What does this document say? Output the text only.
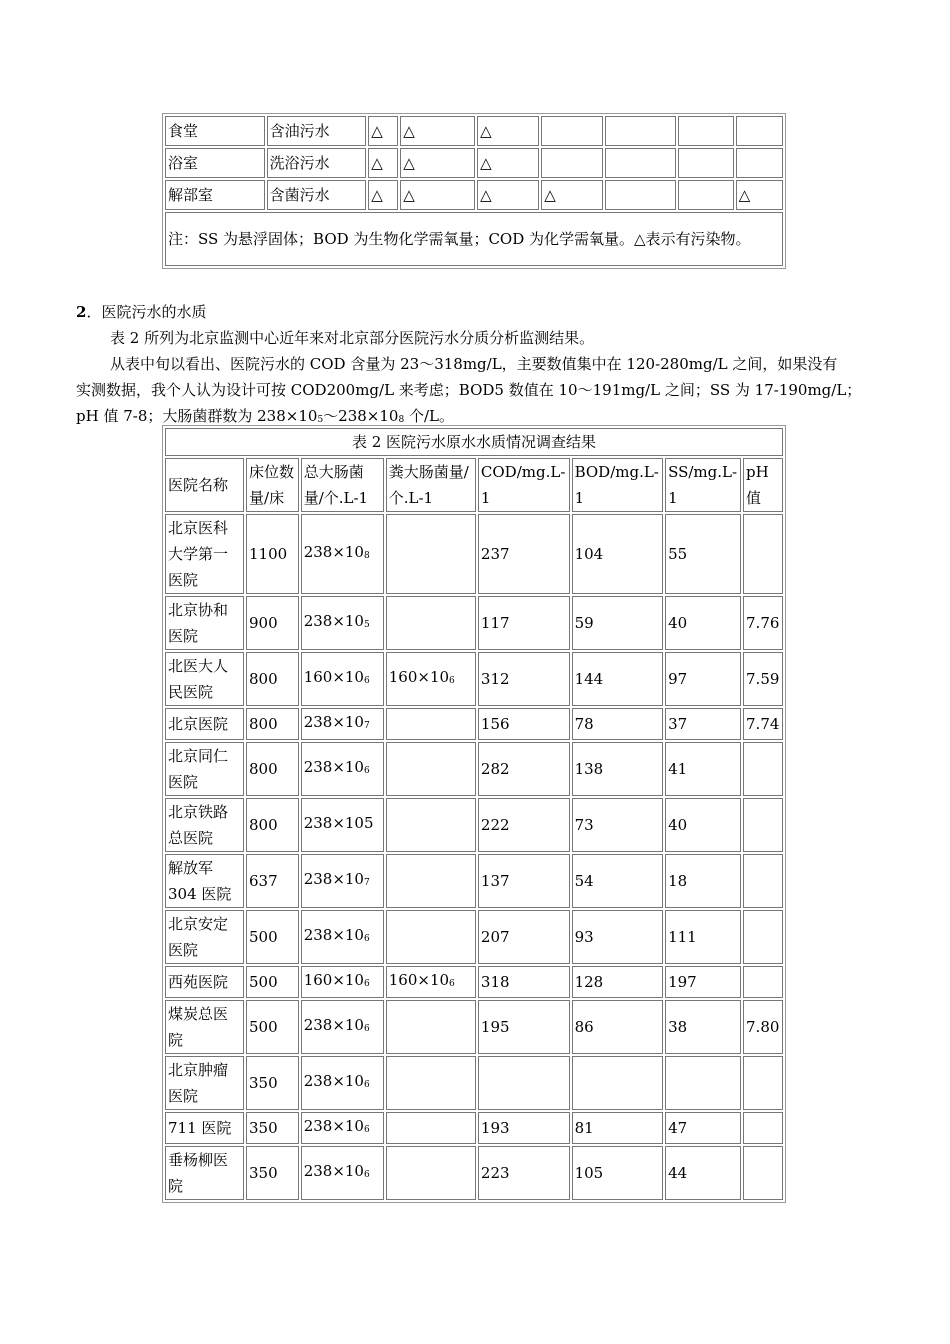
食堂	含油污水	△	△	△				
浴室	洗浴污水	△	△	△				
解部室	含菌污水	△	△	△	△			△
注：SS 为悬浮固体；BOD 为生物化学需氧量；COD 为化学需氧量。△表示有污染物。								

2．医院污水的水质

表 2 所列为北京监测中心近年来对北京部分医院污水分质分析监测结果。

从表中旬以看出、医院污水的 COD 含量为 23～318mg/L，主要数值集中在 120-280mg/L 之间，如果没有

实测数据，我个人认为设计可按 COD200mg/L 来考虑；BOD5 数值在 10～191mg/L 之间；SS 为 17-190mg/L；

pH 值 7-8；大肠菌群数为 $238\times 10_5\sim 238\times 10_8$ 个/L。

表 2 医院污水原水水质情况调查结果							
医院名称	床位数量/床	总大肠菌量/个.L-1	粪大肠菌量/个.L-1	COD/mg.L-1	BOD/mg.L-1	SS/mg.L-1	pH 值
北京医科大学第一医院	1100	$238\times 10_8$		237	104	55	
北京协和医院	900	$238\times 10_5$		117	59	40	7.76
北医大人民医院	800	$160\times 10_6$	$160\times 10_6$	312	144	97	7.59
北京医院	800	$238\times 10_7$		156	78	37	7.74
北京同仁医院	800	$238\times 10_6$		282	138	41	
北京铁路总医院	800	238×105		222	73	40	
解放军 304 医院	637	$238\times 10_7$		137	54	18	
北京安定医院	500	$238\times 10_6$		207	93	111	
西苑医院	500	$160\times 10_6$	$160\times 10_6$	318	128	197	
煤炭总医院	500	$238\times 10_6$		195	86	38	7.80
北京肿瘤医院	350	$238\times 10_6$					
711 医院	350	$238\times 10_6$		193	81	47	
垂杨柳医院	350	$238\times 10_6$		223	105	44	
